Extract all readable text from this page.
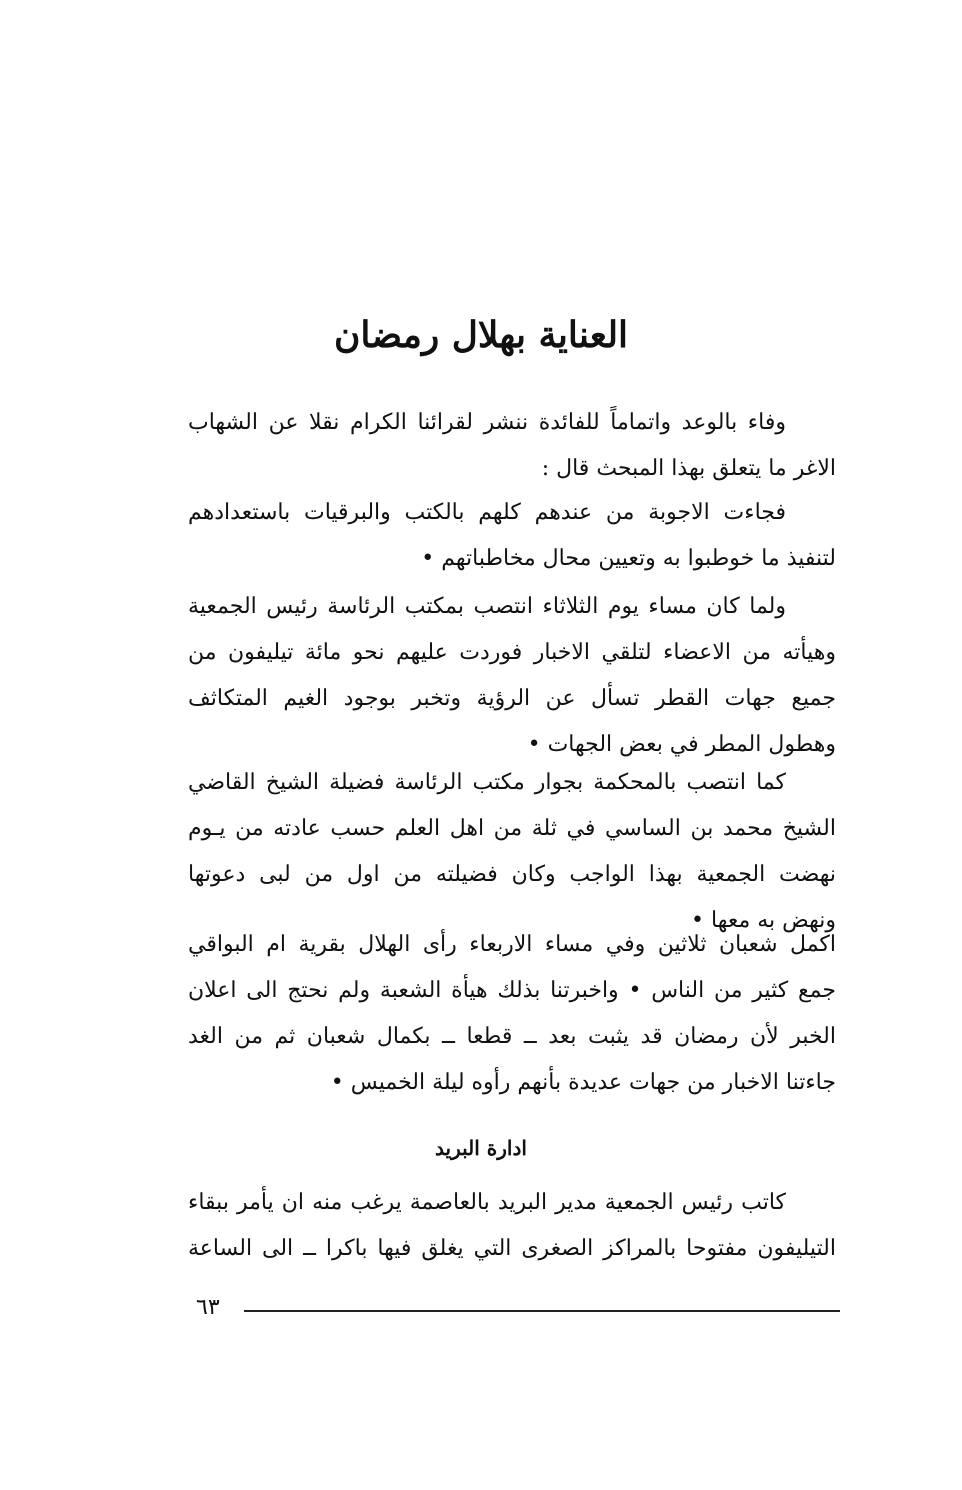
العناية بهلال رمضان
وفاء بالوعد واتماماً للفائدة ننشر لقرائنا الكرام نقلا عن الشهاب
الاغر ما يتعلق بهذا المبحث قال :
فجاءت الاجوبة من عندهم كلهم بالكتب والبرقيات باستعدادهم
لتنفيذ ما خوطبوا به وتعيين محال مخاطباتهم •
ولما كان مساء يوم الثلاثاء انتصب بمكتب الرئاسة رئيس الجمعية
وهيأته من الاعضاء لتلقي الاخبار فوردت عليهم نحو مائة تيليفون من
جميع جهات القطر تسأل عن الرؤية وتخبر بوجود الغيم المتكاثف
وهطول المطر في بعض الجهات •
كما انتصب بالمحكمة بجوار مكتب الرئاسة فضيلة الشيخ القاضي
الشيخ محمد بن الساسي في ثلة من اهل العلم حسب عادته من يـوم
نهضت الجمعية بهذا الواجب وكان فضيلته من اول من لبى دعوتها
ونهض به معها •
اكمل شعبان ثلاثين وفي مساء الاربعاء رأى الهلال بقرية ام البواقي
جمع كثير من الناس • واخبرتنا بذلك هيأة الشعبة ولم نحتج الى اعلان
الخبر لأن رمضان قد يثبت بعد ــ قطعا ــ بكمال شعبان ثم من الغد
جاءتنا الاخبار من جهات عديدة بأنهم رأوه ليلة الخميس •
ادارة البريد
كاتب رئيس الجمعية مدير البريد بالعاصمة يرغب منه ان يأمر ببقاء
التيليفون مفتوحا بالمراكز الصغرى التي يغلق فيها باكرا ــ الى الساعة
٦٣
